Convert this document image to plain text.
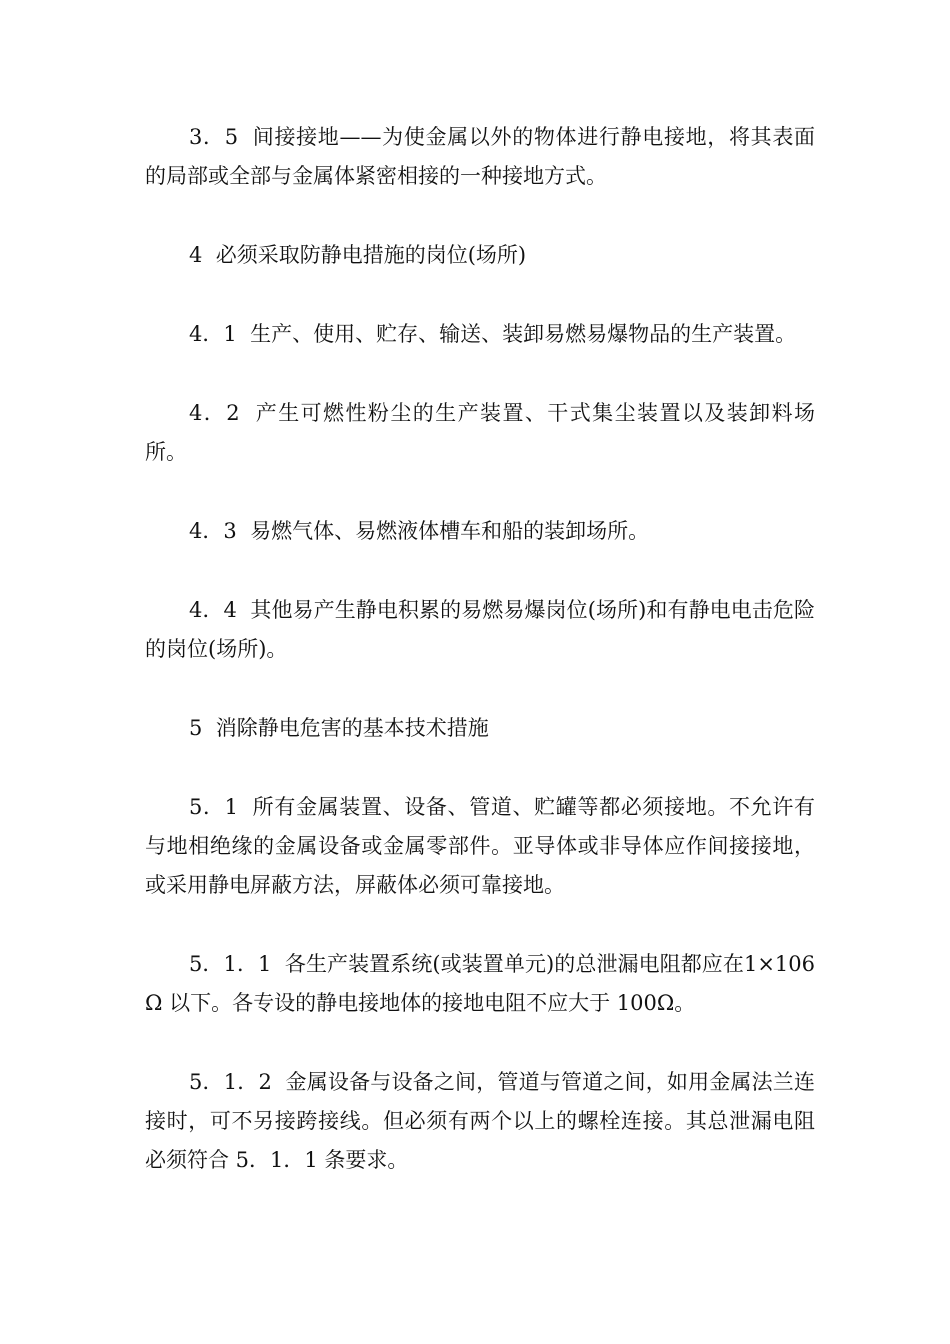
3．5  间接接地——为使金属以外的物体进行静电接地，将其表面的局部或全部与金属体紧密相接的一种接地方式。

4  必须采取防静电措施的岗位(场所)

4．1  生产、使用、贮存、输送、装卸易燃易爆物品的生产装置。

4．2  产生可燃性粉尘的生产装置、干式集尘装置以及装卸料场所。

4．3  易燃气体、易燃液体槽车和船的装卸场所。

4．4  其他易产生静电积累的易燃易爆岗位(场所)和有静电电击危险的岗位(场所)。

5  消除静电危害的基本技术措施

5．1  所有金属装置、设备、管道、贮罐等都必须接地。不允许有与地相绝缘的金属设备或金属零部件。亚导体或非导体应作间接接地，或采用静电屏蔽方法，屏蔽体必须可靠接地。

5．1．1  各生产装置系统(或装置单元)的总泄漏电阻都应在1×106Ω 以下。各专设的静电接地体的接地电阻不应大于 100Ω。

5．1．2  金属设备与设备之间，管道与管道之间，如用金属法兰连接时，可不另接跨接线。但必须有两个以上的螺栓连接。其总泄漏电阻必须符合 5．1．1 条要求。
